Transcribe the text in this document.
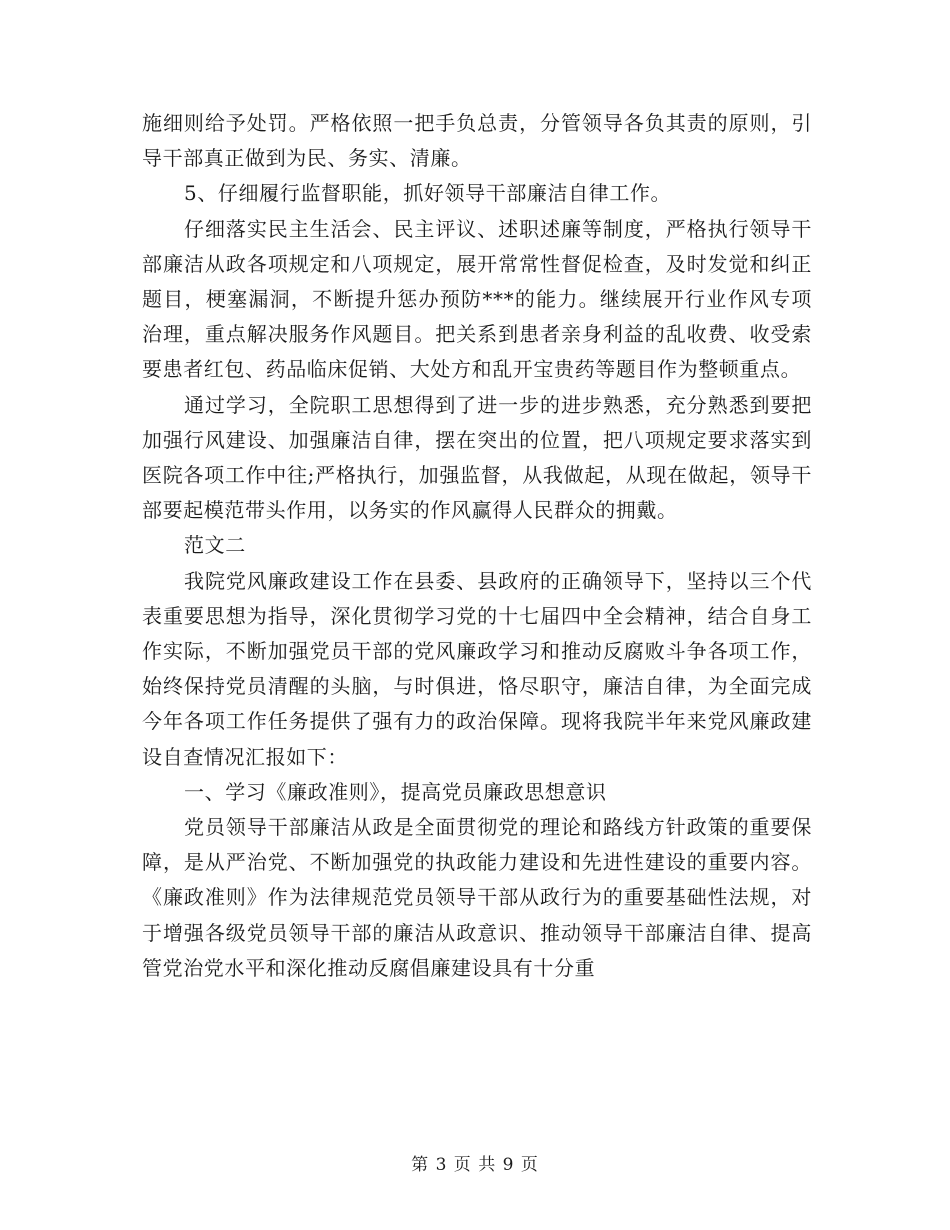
施细则给予处罚。严格依照一把手负总责，分管领导各负其责的原则，引导干部真正做到为民、务实、清廉。

5、仔细履行监督职能，抓好领导干部廉洁自律工作。

仔细落实民主生活会、民主评议、述职述廉等制度，严格执行领导干部廉洁从政各项规定和八项规定，展开常常性督促检查，及时发觉和纠正题目，梗塞漏洞，不断提升惩办预防***的能力。继续展开行业作风专项治理，重点解决服务作风题目。把关系到患者亲身利益的乱收费、收受索要患者红包、药品临床促销、大处方和乱开宝贵药等题目作为整顿重点。

通过学习，全院职工思想得到了进一步的进步熟悉，充分熟悉到要把加强行风建设、加强廉洁自律，摆在突出的位置，把八项规定要求落实到医院各项工作中往;严格执行，加强监督，从我做起，从现在做起，领导干部要起模范带头作用，以务实的作风赢得人民群众的拥戴。

范文二

我院党风廉政建设工作在县委、县政府的正确领导下，坚持以三个代表重要思想为指导，深化贯彻学习党的十七届四中全会精神，结合自身工作实际，不断加强党员干部的党风廉政学习和推动反腐败斗争各项工作，始终保持党员清醒的头脑，与时俱进，恪尽职守，廉洁自律，为全面完成今年各项工作任务提供了强有力的政治保障。现将我院半年来党风廉政建设自查情况汇报如下：

一、学习《廉政准则》，提高党员廉政思想意识

党员领导干部廉洁从政是全面贯彻党的理论和路线方针政策的重要保障，是从严治党、不断加强党的执政能力建设和先进性建设的重要内容。《廉政准则》作为法律规范党员领导干部从政行为的重要基础性法规，对于增强各级党员领导干部的廉洁从政意识、推动领导干部廉洁自律、提高管党治党水平和深化推动反腐倡廉建设具有十分重

第 3 页 共 9 页
